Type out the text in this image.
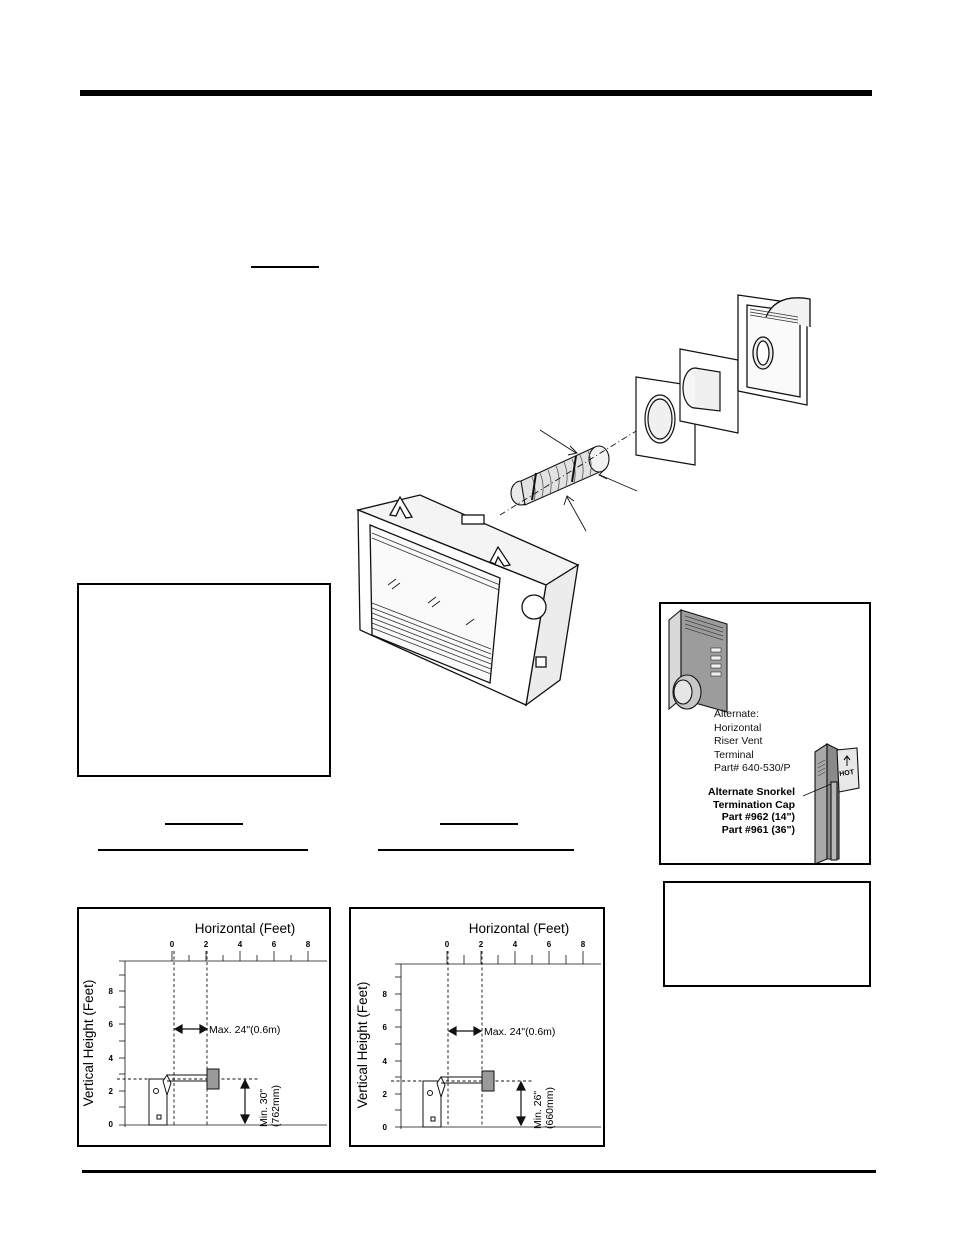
HOT
Alternate:
Horizontal
Riser Vent
Terminal
Part# 640-530/P
Alternate Snorkel
Termination Cap
Part #962 (14")
Part #961 (36")
Horizontal (Feet)
0	2	4	6	8
8
6
4
2
0
Vertical Height (Feet)	Max. 24"(0.6m)
Min. 30" (762mm)
Horizontal (Feet)
0	2	4	6	8
8
6
4
2
0
Vertical Height (Feet)	Max. 24"(0.6m)
Min. 26" (660mm)
